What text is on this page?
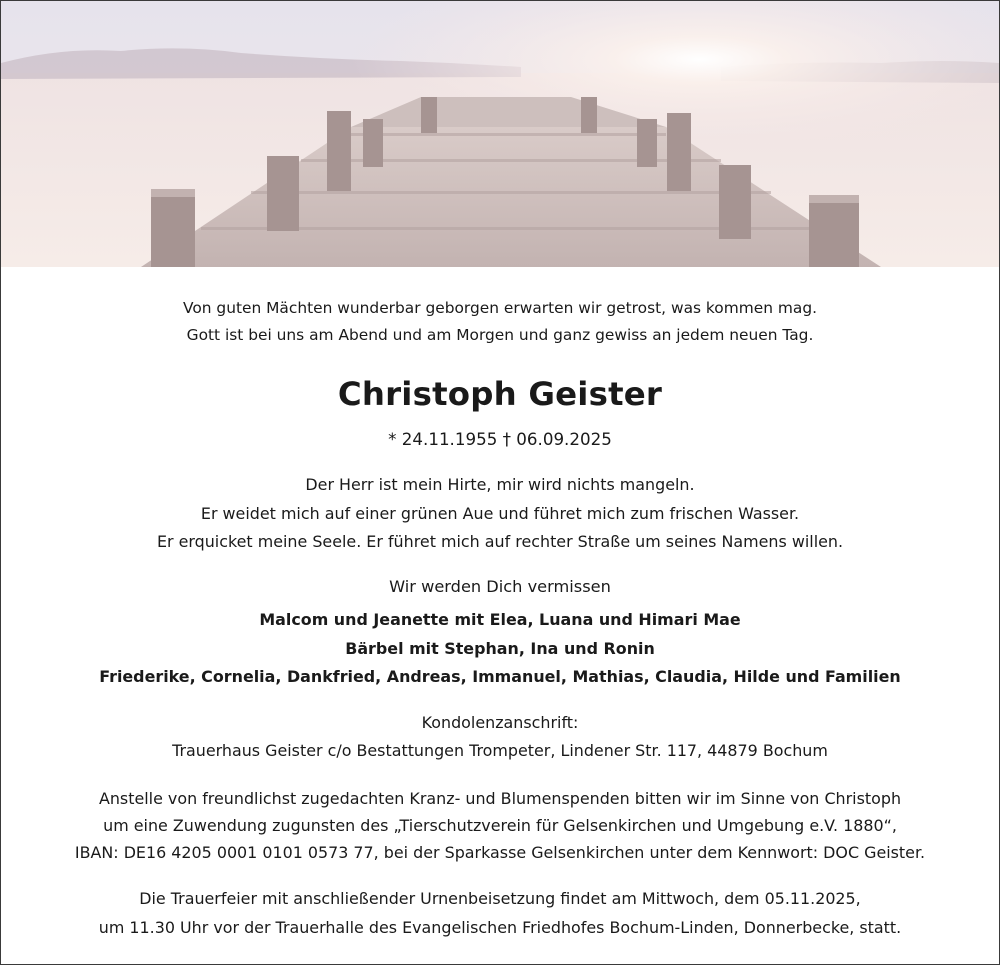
Von guten Mächten wunderbar geborgen erwarten wir getrost, was kommen mag.
Gott ist bei uns am Abend und am Morgen und ganz gewiss an jedem neuen Tag.
Christoph Geister
* 24.11.1955 † 06.09.2025
Der Herr ist mein Hirte, mir wird nichts mangeln.
Er weidet mich auf einer grünen Aue und führet mich zum frischen Wasser.
Er erquicket meine Seele. Er führet mich auf rechter Straße um seines Namens willen.
Wir werden Dich vermissen
Malcom und Jeanette mit Elea, Luana und Himari Mae
Bärbel mit Stephan, Ina und Ronin
Friederike, Cornelia, Dankfried, Andreas, Immanuel, Mathias, Claudia, Hilde und Familien
Kondolenzanschrift:
Trauerhaus Geister c/o Bestattungen Trompeter, Lindener Str. 117, 44879 Bochum
Anstelle von freundlichst zugedachten Kranz- und Blumenspenden bitten wir im Sinne von Christoph
um eine Zuwendung zugunsten des „Tierschutzverein für Gelsenkirchen und Umgebung e.V. 1880“,
IBAN: DE16 4205 0001 0101 0573 77, bei der Sparkasse Gelsenkirchen unter dem Kennwort: DOC Geister.
Die Trauerfeier mit anschließender Urnenbeisetzung findet am Mittwoch, dem 05.11.2025,
um 11.30 Uhr vor der Trauerhalle des Evangelischen Friedhofes Bochum-Linden, Donnerbecke, statt.
